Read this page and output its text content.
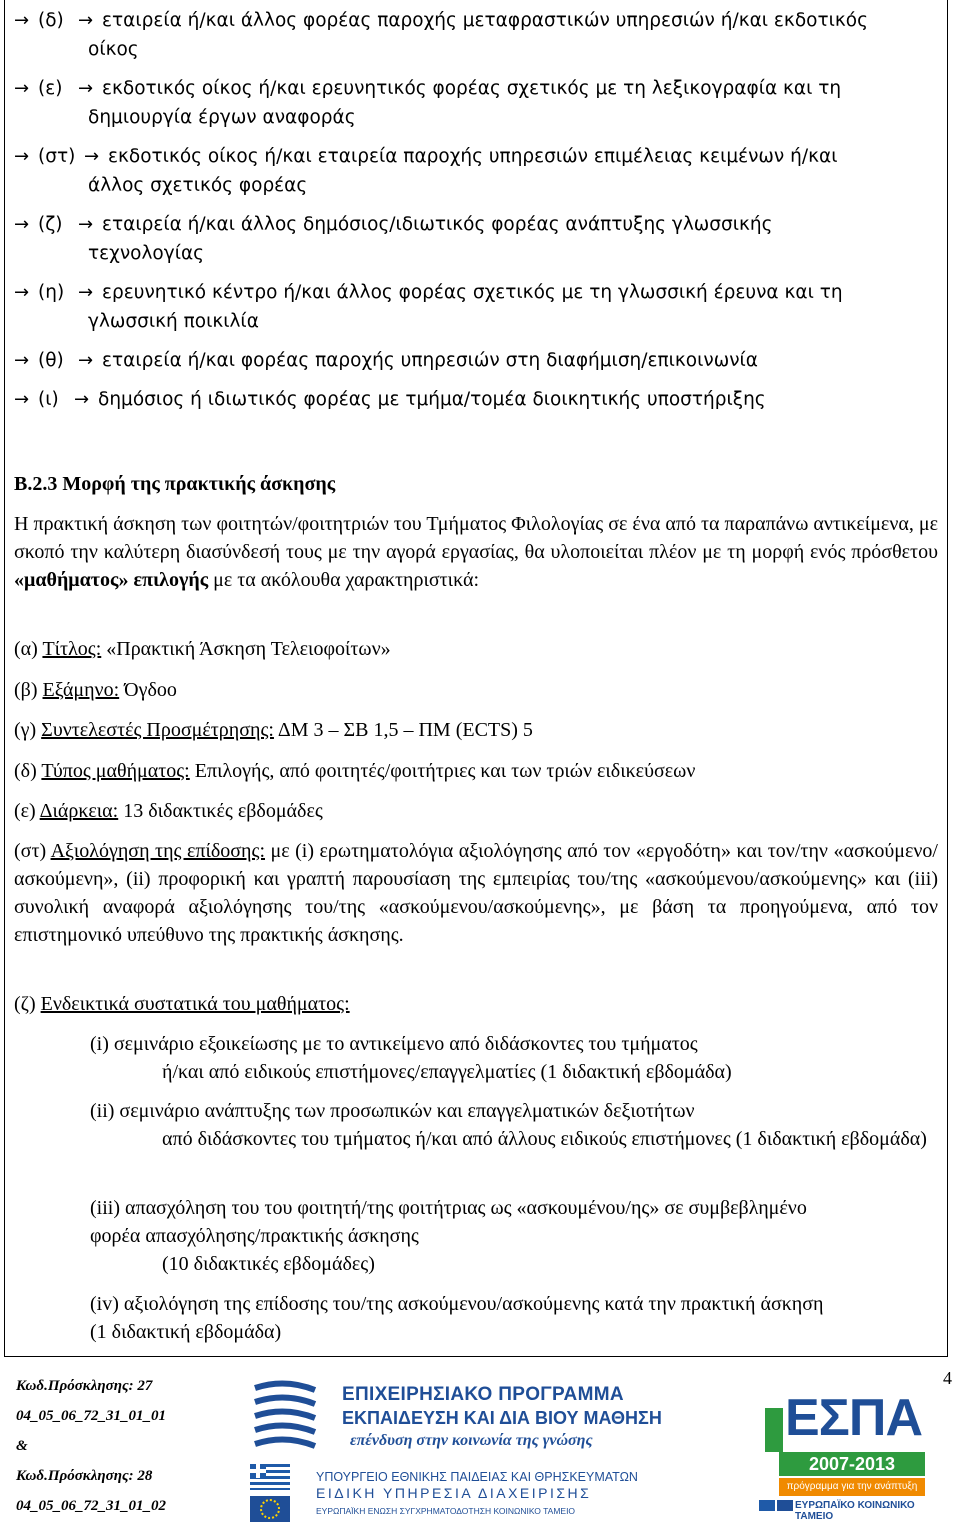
→ (δ) → εταιρεία ή/και άλλος φορέας παροχής μεταφραστικών υπηρεσιών ή/και εκδοτικός
οίκος
→ (ε) → εκδοτικός οίκος ή/και ερευνητικός φορέας σχετικός με τη λεξικογραφία και τη
δημιουργία έργων αναφοράς
→ (στ) → εκδοτικός οίκος ή/και εταιρεία παροχής υπηρεσιών επιμέλειας κειμένων ή/και
άλλος σχετικός φορέας
→ (ζ) → εταιρεία ή/και άλλος δημόσιος/ιδιωτικός φορέας ανάπτυξης γλωσσικής
τεχνολογίας
→ (η) → ερευνητικό κέντρο ή/και άλλος φορέας σχετικός με τη γλωσσική έρευνα και τη
γλωσσική ποικιλία
→ (θ) → εταιρεία ή/και φορέας παροχής υπηρεσιών στη διαφήμιση/επικοινωνία
→ (ι) → δημόσιος ή ιδιωτικός φορέας με τμήμα/τομέα διοικητικής υποστήριξης
Β.2.3 Μορφή της πρακτικής άσκησης
Η πρακτική άσκηση των φοιτητών/φοιτητριών του Τμήματος Φιλολογίας σε ένα από τα παραπάνω αντικείμενα, με σκοπό την καλύτερη διασύνδεσή τους με την αγορά εργασίας, θα υλοποιείται πλέον με τη μορφή ενός πρόσθετου «μαθήματος» επιλογής με τα ακόλουθα χαρακτηριστικά:
(α) Τίτλος: «Πρακτική Άσκηση Τελειοφοίτων»
(β) Εξάμηνο: Όγδοο
(γ) Συντελεστές Προσμέτρησης: ΔΜ 3 – ΣΒ 1,5 – ΠΜ (ECTS) 5
(δ) Τύπος μαθήματος: Επιλογής, από φοιτητές/φοιτήτριες και των τριών ειδικεύσεων
(ε) Διάρκεια: 13 διδακτικές εβδομάδες
(στ) Αξιολόγηση της επίδοσης: με (i) ερωτηματολόγια αξιολόγησης από τον «εργοδότη» και τον/την «ασκούμενο/ασκούμενη», (ii) προφορική και γραπτή παρουσίαση της εμπειρίας του/της «ασκούμενου/ασκούμενης» και (iii) συνολική αναφορά αξιολόγησης του/της «ασκούμενου/ασκούμενης», με βάση τα προηγούμενα, από τον επιστημονικό υπεύθυνο της πρακτικής άσκησης.
(ζ) Ενδεικτικά συστατικά του μαθήματος:
(i) σεμινάριο εξοικείωσης με το αντικείμενο από διδάσκοντες του τμήματος
ή/και από ειδικούς επιστήμονες/επαγγελματίες (1 διδακτική εβδομάδα)
(ii) σεμινάριο ανάπτυξης των προσωπικών και επαγγελματικών δεξιοτήτων
από διδάσκοντες του τμήματος ή/και από άλλους ειδικούς επιστήμονες (1 διδακτική εβδομάδα)
(iii) απασχόληση του του φοιτητή/της φοιτήτριας ως «ασκουμένου/ης» σε συμβεβλημένο φορέα απασχόλησης/πρακτικής άσκησης
(10 διδακτικές εβδομάδες)
(iv) αξιολόγηση της επίδοσης του/της ασκούμενου/ασκούμενης κατά την πρακτική άσκηση (1 διδακτική εβδομάδα)
Κωδ.Πρόσκλησης: 27
04_05_06_72_31_01_01
&
Κωδ.Πρόσκλησης: 28
04_05_06_72_31_01_02
4
ΕΠΙΧΕΙΡΗΣΙΑΚΟ ΠΡΟΓΡΑΜΜΑ
ΕΚΠΑΙΔΕΥΣΗ ΚΑΙ ΔΙΑ ΒΙΟΥ ΜΑΘΗΣΗ
επένδυση στην κοινωνία της γνώσης
ΥΠΟΥΡΓΕΙΟ ΕΘΝΙΚΗΣ ΠΑΙΔΕΙΑΣ ΚΑΙ ΘΡΗΣΚΕΥΜΑΤΩΝ
ΕΙΔΙΚΗ ΥΠΗΡΕΣΙΑ ΔΙΑΧΕΙΡΙΣΗΣ
ΕΥΡΩΠΑΪΚΗ ΕΝΩΣΗ ΣΥΓΧΡΗΜΑΤΟΔΟΤΗΣΗ ΚΟΙΝΩΝΙΚΟ ΤΑΜΕΙΟ
ΕΣΠΑ
2007-2013
πρόγραμμα για την ανάπτυξη
ΕΥΡΩΠΑΪΚΟ ΚΟΙΝΩΝΙΚΟ ΤΑΜΕΙΟ
